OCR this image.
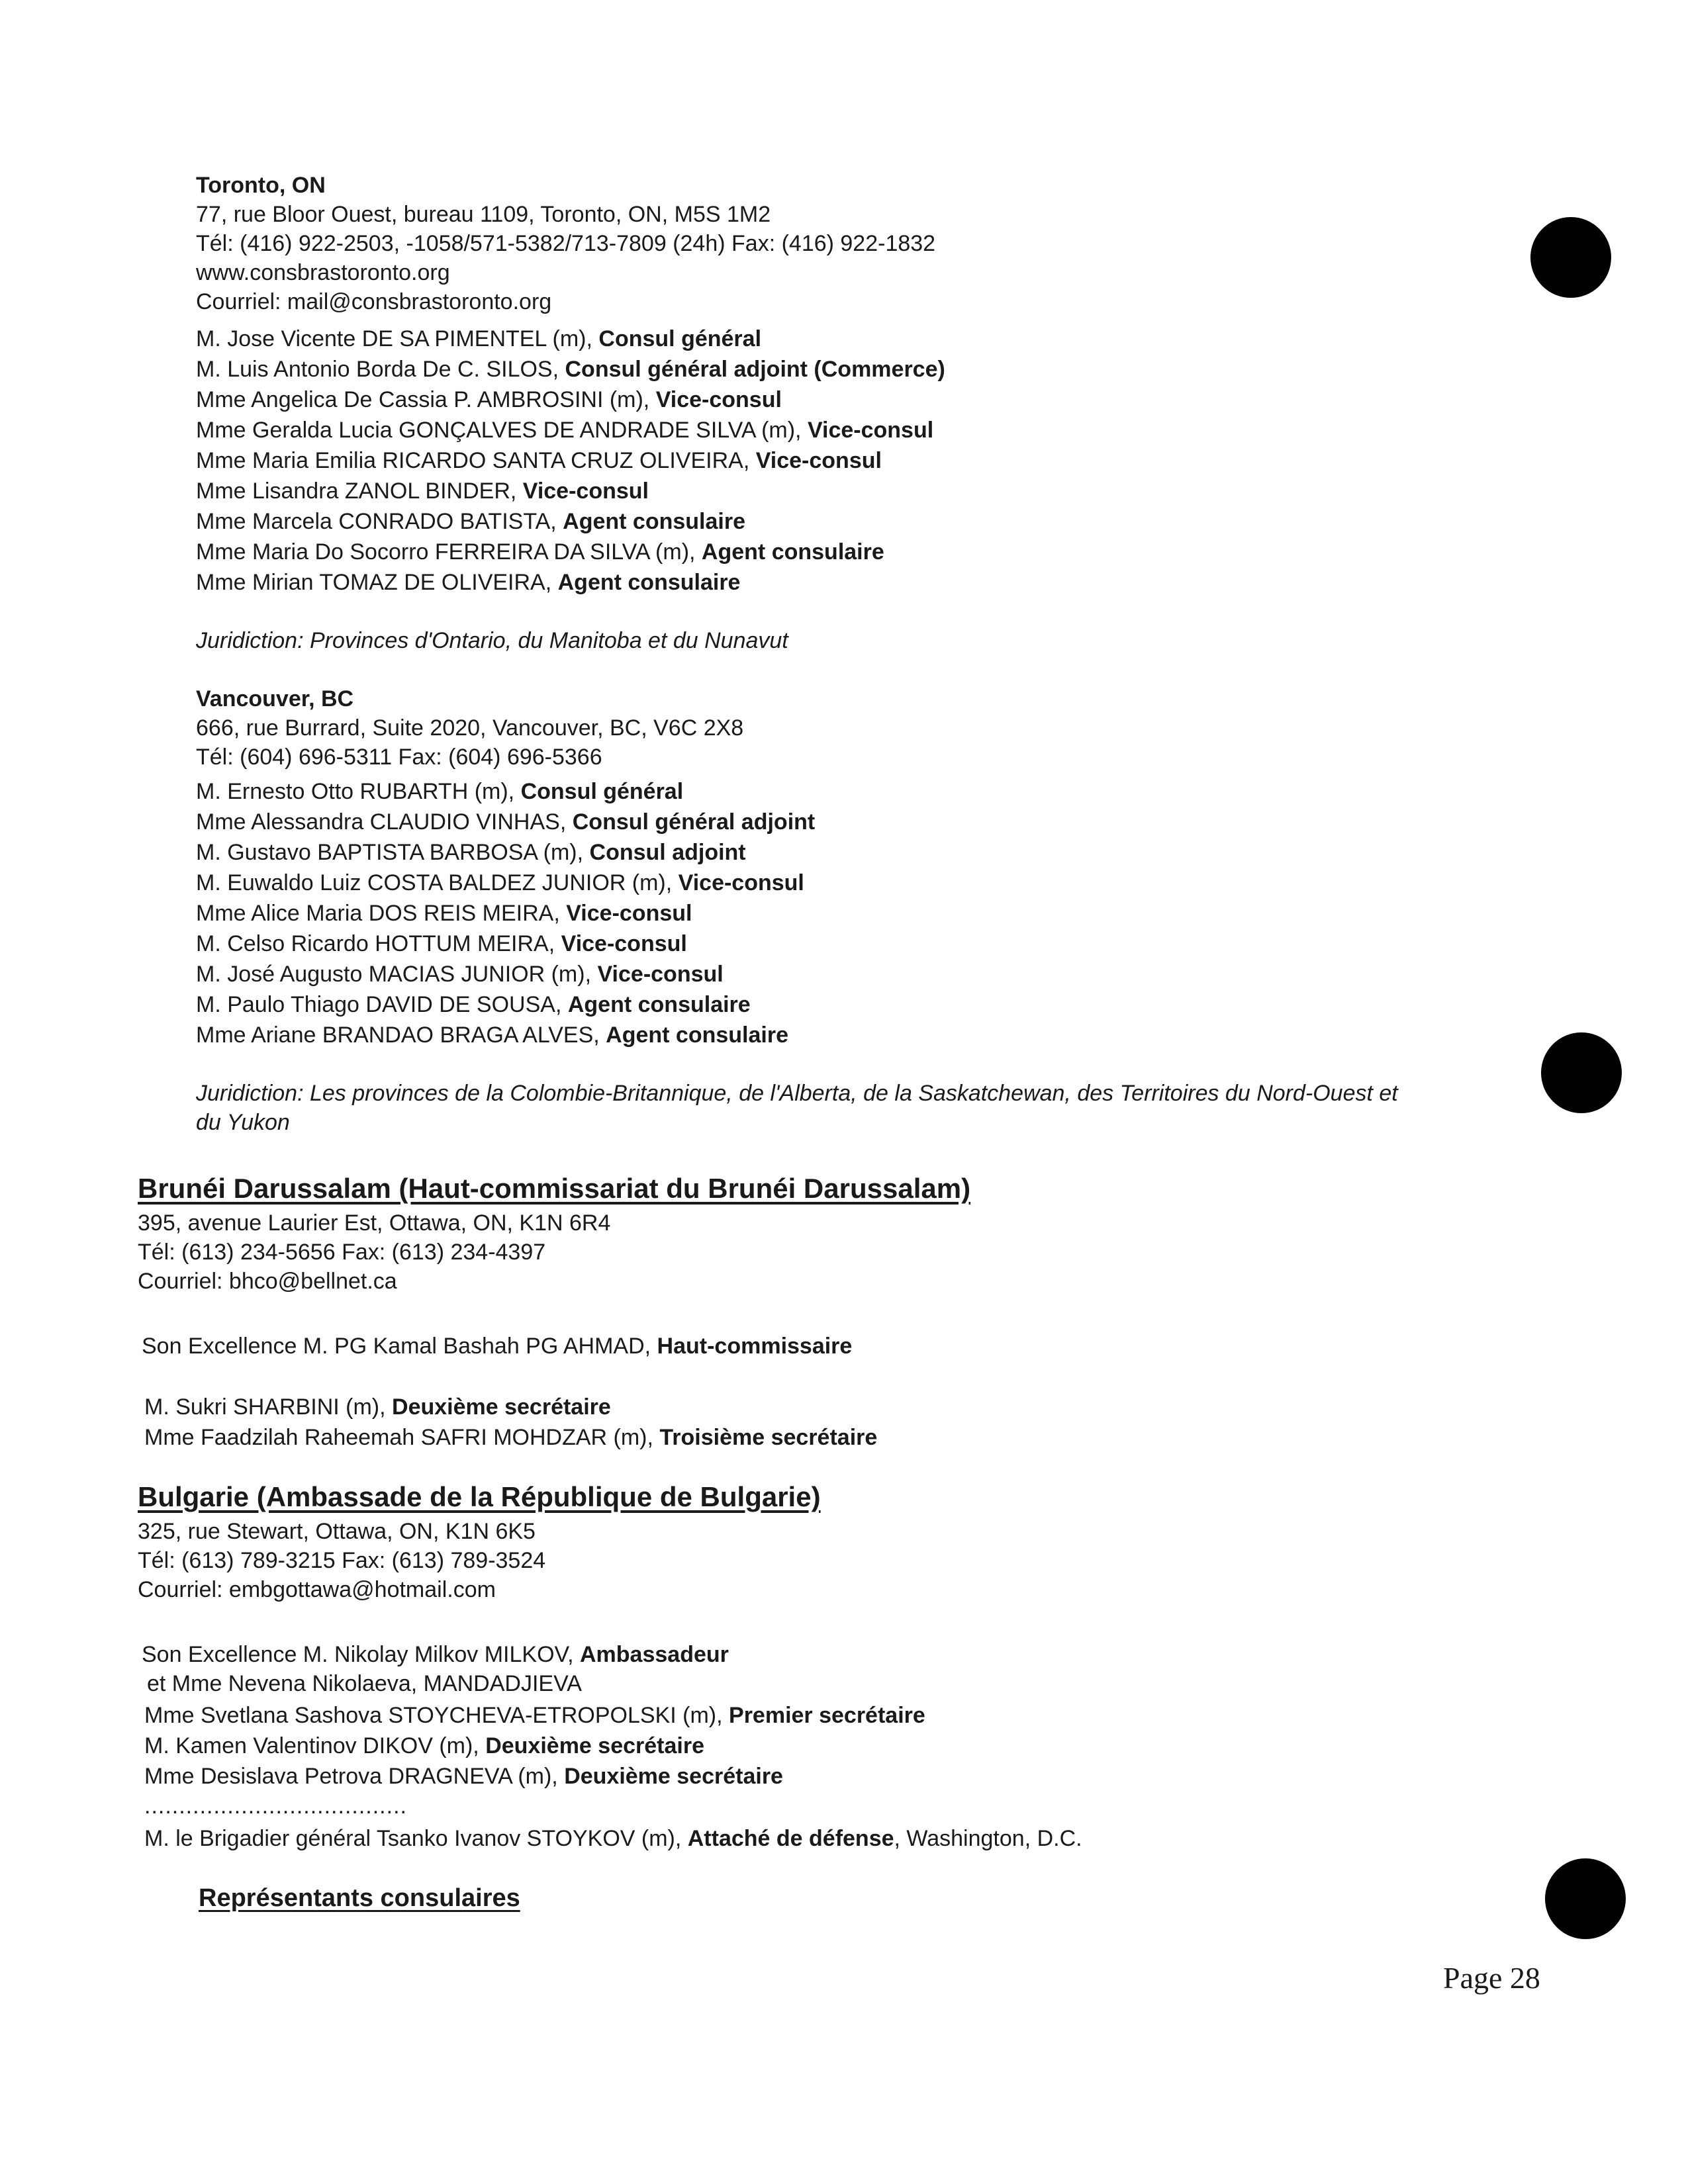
Toronto, ON
77, rue Bloor Ouest, bureau 1109, Toronto, ON, M5S 1M2
Tél: (416) 922-2503, -1058/571-5382/713-7809 (24h) Fax: (416) 922-1832
www.consbrastoronto.org
Courriel: mail@consbrastoronto.org
M. Jose Vicente DE SA PIMENTEL (m), Consul général
M. Luis Antonio Borda De C. SILOS, Consul général adjoint (Commerce)
Mme Angelica De Cassia P. AMBROSINI (m), Vice-consul
Mme Geralda Lucia GONÇALVES DE ANDRADE SILVA (m), Vice-consul
Mme Maria Emilia RICARDO SANTA CRUZ OLIVEIRA, Vice-consul
Mme Lisandra ZANOL BINDER, Vice-consul
Mme Marcela CONRADO BATISTA, Agent consulaire
Mme Maria Do Socorro FERREIRA DA SILVA (m), Agent consulaire
Mme Mirian TOMAZ DE OLIVEIRA, Agent consulaire
Juridiction: Provinces d'Ontario, du Manitoba et du Nunavut
Vancouver, BC
666, rue Burrard, Suite 2020, Vancouver, BC, V6C 2X8
Tél: (604) 696-5311 Fax: (604) 696-5366
M. Ernesto Otto RUBARTH (m), Consul général
Mme Alessandra CLAUDIO VINHAS, Consul général adjoint
M. Gustavo BAPTISTA BARBOSA (m), Consul adjoint
M. Euwaldo Luiz COSTA BALDEZ JUNIOR (m), Vice-consul
Mme Alice Maria DOS REIS MEIRA, Vice-consul
M. Celso Ricardo HOTTUM MEIRA, Vice-consul
M. José Augusto MACIAS JUNIOR (m), Vice-consul
M. Paulo Thiago DAVID DE SOUSA, Agent consulaire
Mme Ariane BRANDAO BRAGA ALVES, Agent consulaire
Juridiction: Les provinces de la Colombie-Britannique, de l'Alberta, de la Saskatchewan, des Territoires du Nord-Ouest et
du Yukon
Brunéi Darussalam (Haut-commissariat du Brunéi Darussalam)
395, avenue Laurier Est, Ottawa, ON, K1N 6R4
Tél: (613) 234-5656 Fax: (613) 234-4397
Courriel: bhco@bellnet.ca
Son Excellence M. PG Kamal Bashah PG AHMAD, Haut-commissaire
M. Sukri SHARBINI (m), Deuxième secrétaire
Mme Faadzilah Raheemah SAFRI MOHDZAR (m), Troisième secrétaire
Bulgarie (Ambassade de la République de Bulgarie)
325, rue Stewart, Ottawa, ON, K1N 6K5
Tél: (613) 789-3215 Fax: (613) 789-3524
Courriel: embgottawa@hotmail.com
Son Excellence M. Nikolay Milkov MILKOV, Ambassadeur
et Mme Nevena Nikolaeva, MANDADJIEVA
Mme Svetlana Sashova STOYCHEVA-ETROPOLSKI (m), Premier secrétaire
M. Kamen Valentinov DIKOV (m), Deuxième secrétaire
Mme Desislava Petrova DRAGNEVA (m), Deuxième secrétaire
......................................
M. le Brigadier général Tsanko Ivanov STOYKOV (m), Attaché de défense, Washington, D.C.
Représentants consulaires
Page 28
